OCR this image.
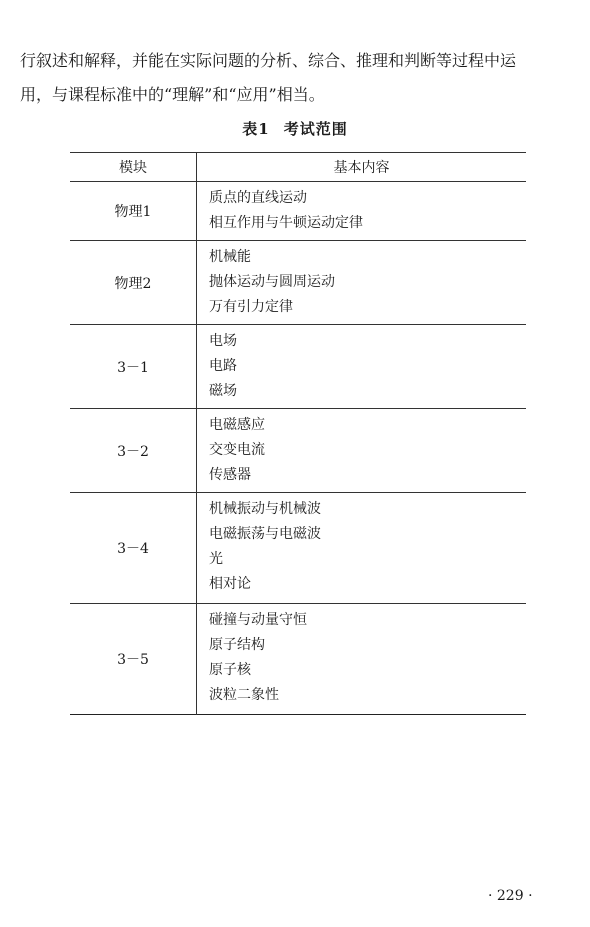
行叙述和解释，并能在实际问题的分析、综合、推理和判断等过程中运
用，与课程标准中的“理解”和“应用”相当。

表1 考试范围
模块	基本内容
物理1	质点的直线运动
相互作用与牛顿运动定律

物理2	机械能
抛体运动与圆周运动
万有引力定律

3－1	电场
电路
磁场

3－2	电磁感应
交变电流
传感器

3－4	机械振动与机械波
电磁振荡与电磁波
光
相对论

3－5	碰撞与动量守恒
原子结构
原子核
波粒二象性
· 229 ·
